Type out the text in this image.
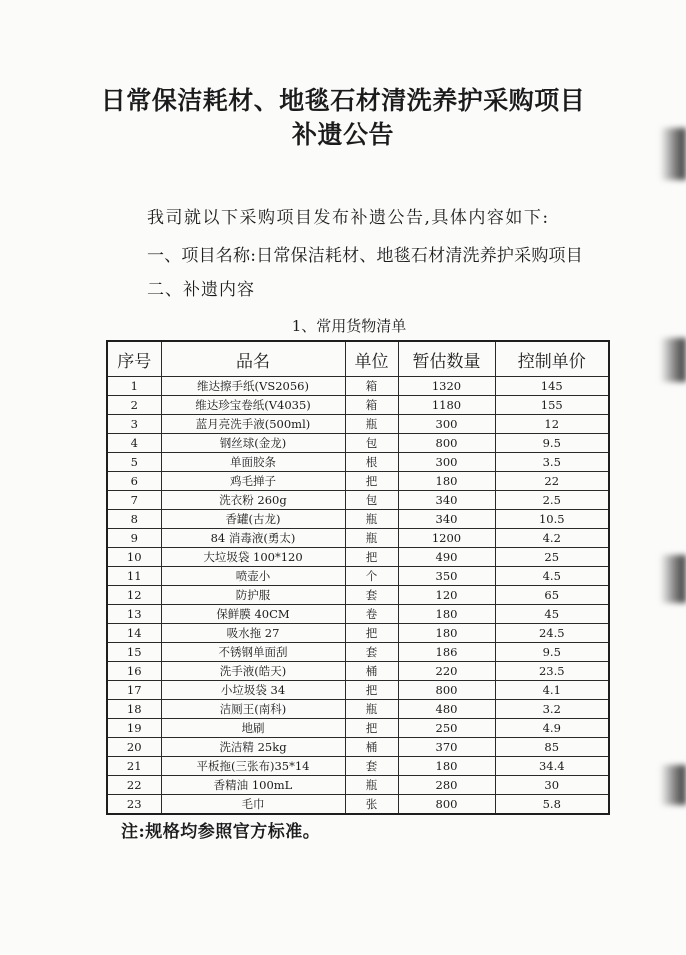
日常保洁耗材、地毯石材清洗养护采购项目
补遗公告
我司就以下采购项目发布补遗公告,具体内容如下:
一、项目名称:日常保洁耗材、地毯石材清洗养护采购项目
二、补遗内容
1、常用货物清单
序号	品名	单位	暂估数量	控制单价
1	维达擦手纸(VS2056)	箱	1320	145
2	维达珍宝卷纸(V4035)	箱	1180	155
3	蓝月亮洗手液(500ml)	瓶	300	12
4	钢丝球(金龙)	包	800	9.5
5	单面胶条	根	300	3.5
6	鸡毛掸子	把	180	22
7	洗衣粉 260g	包	340	2.5
8	香罐(古龙)	瓶	340	10.5
9	84 消毒液(勇太)	瓶	1200	4.2
10	大垃圾袋 100*120	把	490	25
11	喷壶小	个	350	4.5
12	防护服	套	120	65
13	保鲜膜 40CM	卷	180	45
14	吸水拖 27	把	180	24.5
15	不锈钢单面刮	套	186	9.5
16	洗手液(皓天)	桶	220	23.5
17	小垃圾袋 34	把	800	4.1
18	洁厕王(南科)	瓶	480	3.2
19	地刷	把	250	4.9
20	洗洁精 25kg	桶	370	85
21	平板拖(三张布)35*14	套	180	34.4
22	香精油 100mL	瓶	280	30
23	毛巾	张	800	5.8
注:规格均参照官方标准。
